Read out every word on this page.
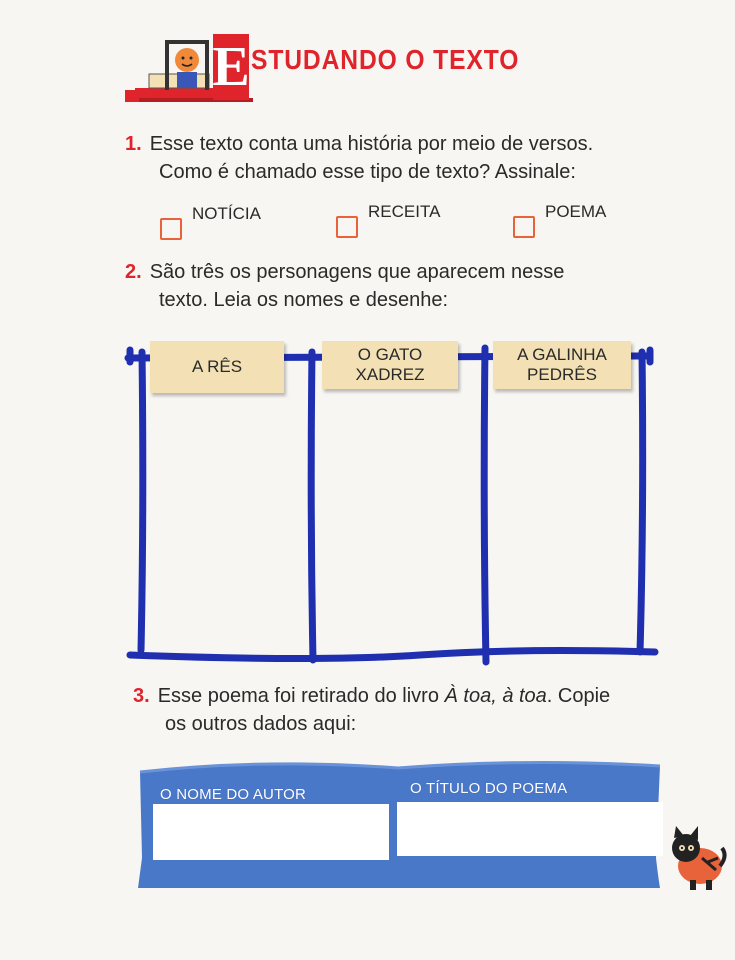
E STUDANDO O TEXTO
1. Esse texto conta uma história por meio de versos.
Como é chamado esse tipo de texto? Assinale:
NOTÍCIA	RECEITA	POEMA
2. São três os personagens que aparecem nesse
texto. Leia os nomes e desenhe:
A RÊS
O GATO
XADREZ
A GALINHA
PEDRÊS
3. Esse poema foi retirado do livro À toa, à toa. Copie
os outros dados aqui:
O NOME DO AUTOR	O TÍTULO DO POEMA
